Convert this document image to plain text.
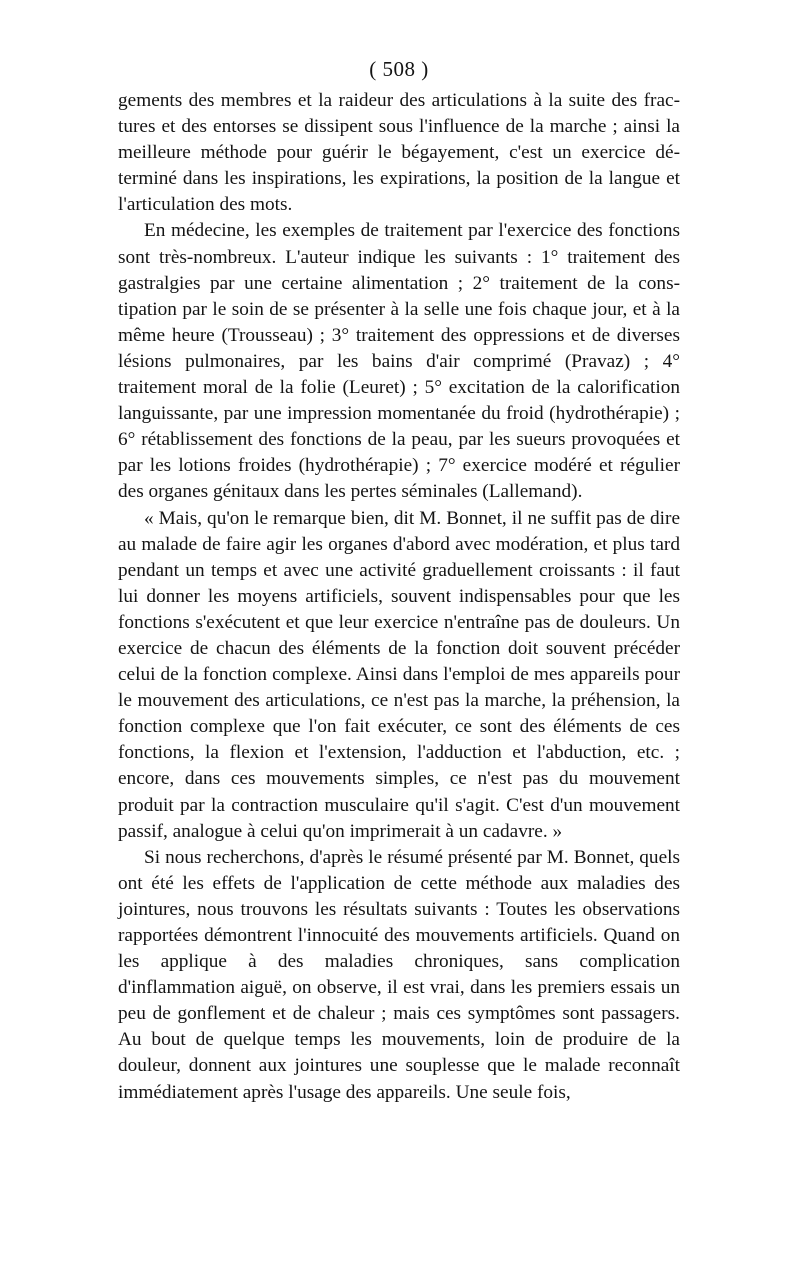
( 508 )

gements des membres et la raideur des articulations à la suite des fractures et des entorses se dissipent sous l'influence de la marche ; ainsi la meilleure méthode pour guérir le bégayement, c'est un exercice déterminé dans les inspirations, les expirations, la position de la langue et l'articulation des mots.

En médecine, les exemples de traitement par l'exercice des fonctions sont très-nombreux. L'auteur indique les suivants : 1° traitement des gastralgies par une certaine alimentation ; 2° traitement de la constipation par le soin de se présenter à la selle une fois chaque jour, et à la même heure (Trousseau) ; 3° traitement des oppressions et de diverses lésions pulmonaires, par les bains d'air comprimé (Pravaz) ; 4° traitement moral de la folie (Leuret) ; 5° excitation de la calorification languissante, par une impression momentanée du froid (hydrothérapie) ; 6° rétablissement des fonctions de la peau, par les sueurs provoquées et par les lotions froides (hydrothérapie) ; 7° exercice modéré et régulier des organes génitaux dans les pertes séminales (Lallemand).

« Mais, qu'on le remarque bien, dit M. Bonnet, il ne suffit pas de dire au malade de faire agir les organes d'abord avec modération, et plus tard pendant un temps et avec une activité graduellement croissants : il faut lui donner les moyens artificiels, souvent indispensables pour que les fonctions s'exécutent et que leur exercice n'entraîne pas de douleurs. Un exercice de chacun des éléments de la fonction doit souvent précéder celui de la fonction complexe. Ainsi dans l'emploi de mes appareils pour le mouvement des articulations, ce n'est pas la marche, la préhension, la fonction complexe que l'on fait exécuter, ce sont des éléments de ces fonctions, la flexion et l'extension, l'adduction et l'abduction, etc. ; encore, dans ces mouvements simples, ce n'est pas du mouvement produit par la contraction musculaire qu'il s'agit. C'est d'un mouvement passif, analogue à celui qu'on imprimerait à un cadavre. »

Si nous recherchons, d'après le résumé présenté par M. Bonnet, quels ont été les effets de l'application de cette méthode aux maladies des jointures, nous trouvons les résultats suivants : Toutes les observations rapportées démontrent l'innocuité des mouvements artificiels. Quand on les applique à des maladies chroniques, sans complication d'inflammation aiguë, on observe, il est vrai, dans les premiers essais un peu de gonflement et de chaleur ; mais ces symptômes sont passagers. Au bout de quelque temps les mouvements, loin de produire de la douleur, donnent aux jointures une souplesse que le malade reconnaît immédiatement après l'usage des appareils. Une seule fois,
